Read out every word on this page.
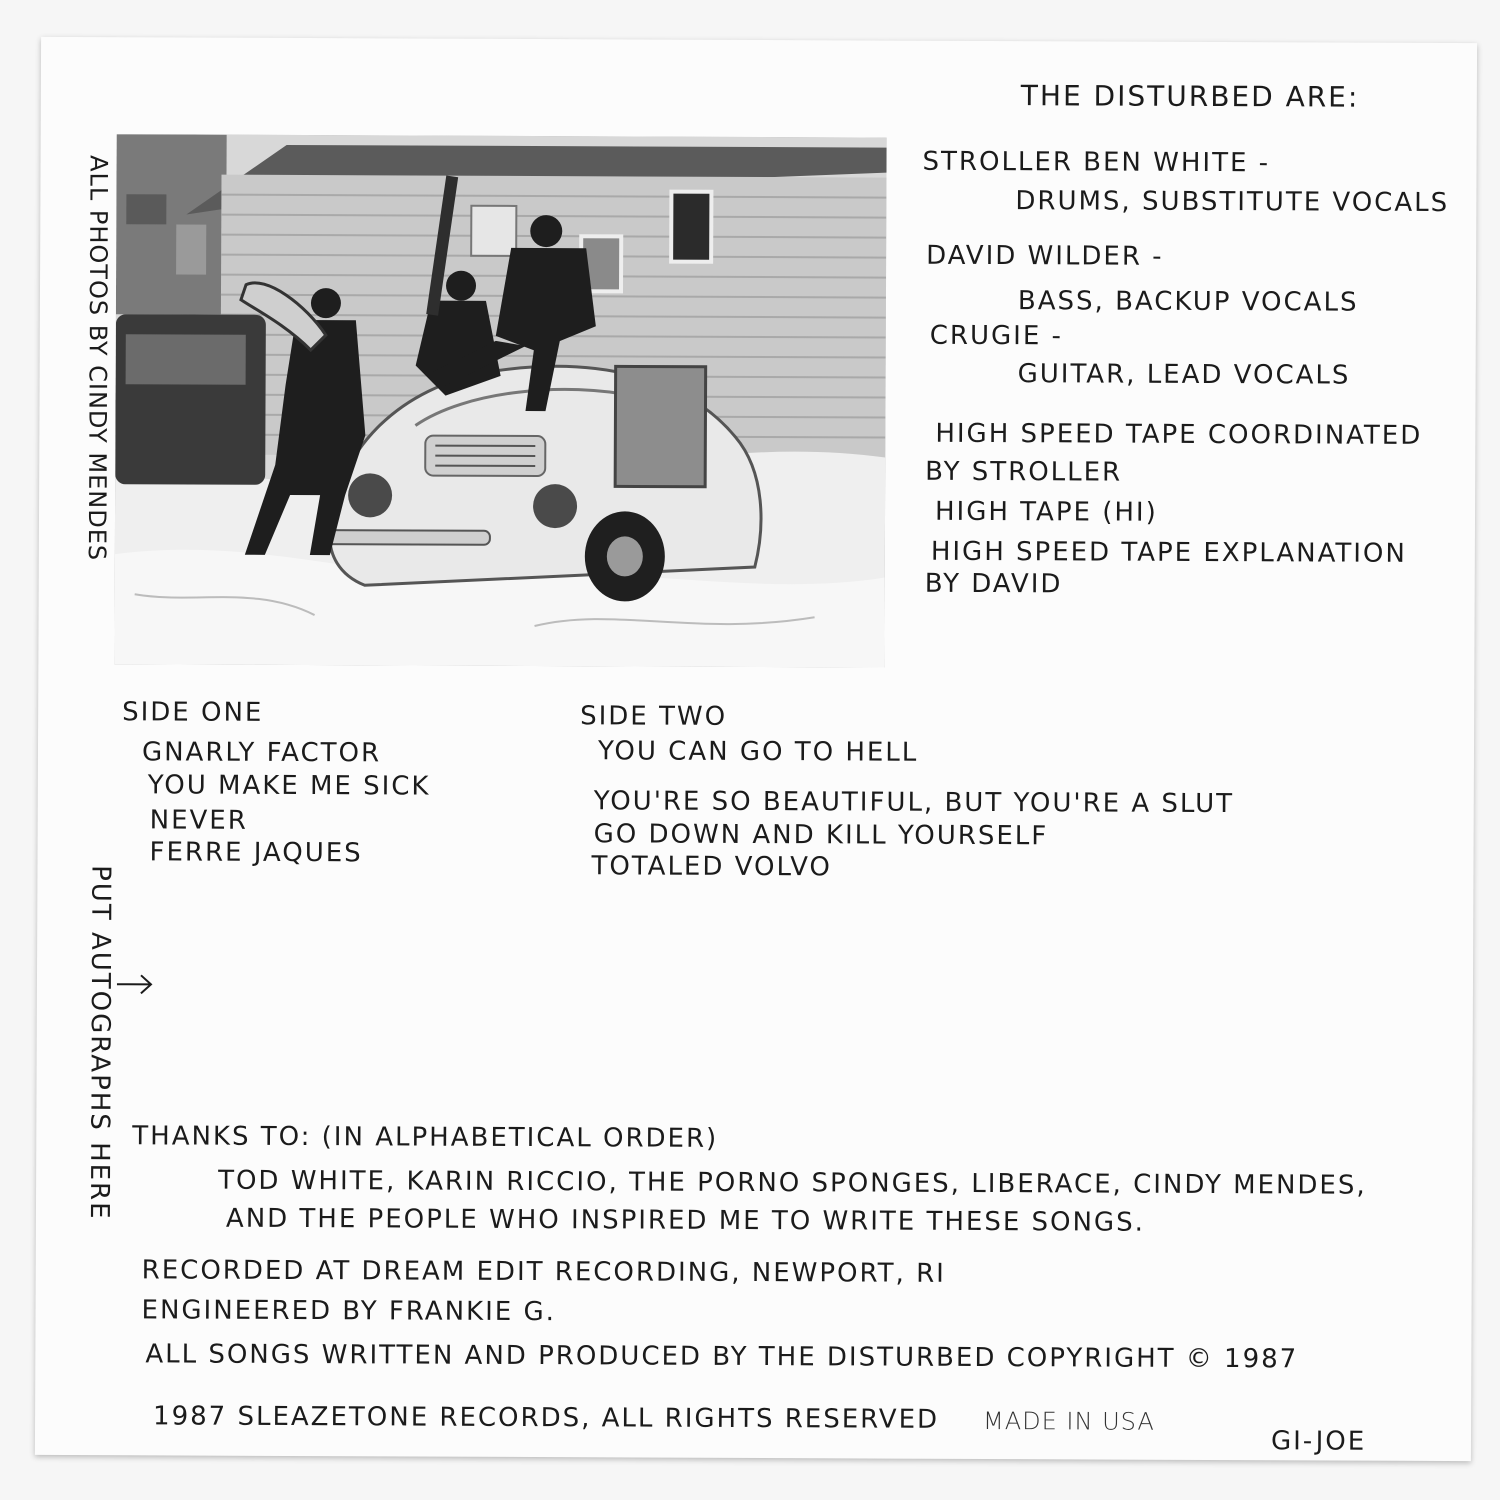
ALL PHOTOS BY CINDY MENDES
THE DISTURBED ARE:
STROLLER BEN WHITE -
DRUMS, SUBSTITUTE VOCALS
DAVID WILDER -
BASS, BACKUP VOCALS
CRUGIE -
GUITAR, LEAD VOCALS
HIGH SPEED TAPE COORDINATED
BY STROLLER
HIGH TAPE (HI)
HIGH SPEED TAPE EXPLANATION
BY DAVID
SIDE ONE
GNARLY FACTOR
YOU MAKE ME SICK
NEVER
FERRE JAQUES
SIDE TWO
YOU CAN GO TO HELL
YOU'RE SO BEAUTIFUL, BUT YOU'RE A SLUT
GO DOWN AND KILL YOURSELF
TOTALED VOLVO
PUT AUTOGRAPHS HERE THANKS TO: (IN ALPHABETICAL ORDER)
TOD WHITE, KARIN RICCIO, THE PORNO SPONGES, LIBERACE, CINDY MENDES,
AND THE PEOPLE WHO INSPIRED ME TO WRITE THESE SONGS.
RECORDED AT DREAM EDIT RECORDING, NEWPORT, RI
ENGINEERED BY FRANKIE G.
ALL SONGS WRITTEN AND PRODUCED BY THE DISTURBED COPYRIGHT © 1987
1987 SLEAZETONE RECORDS, ALL RIGHTS RESERVED MADE IN USA
GI-JOE
